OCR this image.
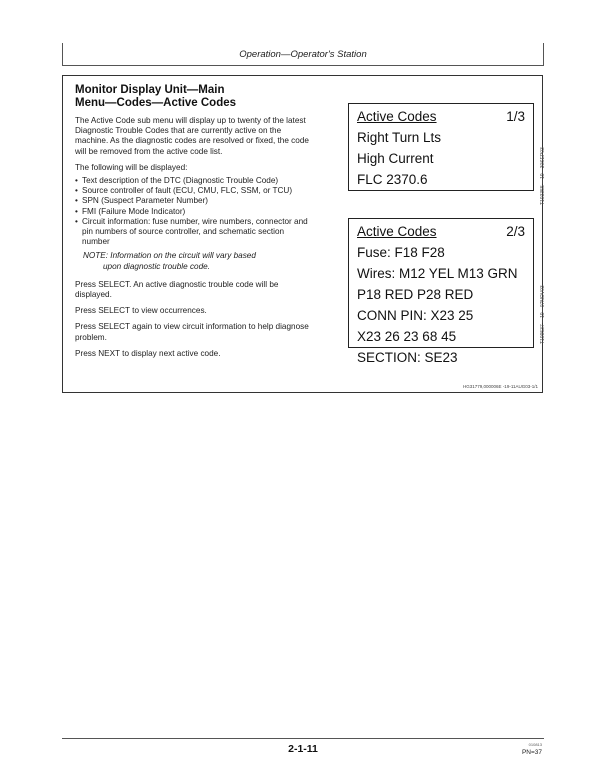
Operation—Operator's Station
Monitor Display Unit—Main
Menu—Codes—Active Codes

The Active Code sub menu will display up to twenty of the latest Diagnostic Trouble Codes that are currently active on the machine. As the diagnostic codes are resolved or fixed, the code will be removed from the active code list.

The following will be displayed:

• Text description of the DTC (Diagnostic Trouble Code)
• Source controller of fault (ECU, CMU, FLC, SSM, or TCU)
• SPN (Suspect Parameter Number)
• FMI (Failure Mode Indicator)
• Circuit information: fuse number, wire numbers, connector and pin numbers of source controller, and schematic section number
NOTE: Information on the circuit will vary based
upon diagnostic trouble code.

Press SELECT. An active diagnostic trouble code will be displayed.

Press SELECT to view occurrences.

Press SELECT again to view circuit information to help diagnose problem.

Press NEXT to display next active code.

Active Codes	1/3
Right Turn Lts
High Current
FLC 2370.6	T193355 —19—30SEP03
Active Codes	2/3
Fuse: F18 F28
Wires: M12 YEL M13 GRN
P18 RED P28 RED
CONN PIN: X23 25
X23 26 23 68 45
SECTION: SE23
T199537 —19—07NOV03
HG31779,000006E -19-11AUG03-1/1
2-1-11	010813
PN=37
